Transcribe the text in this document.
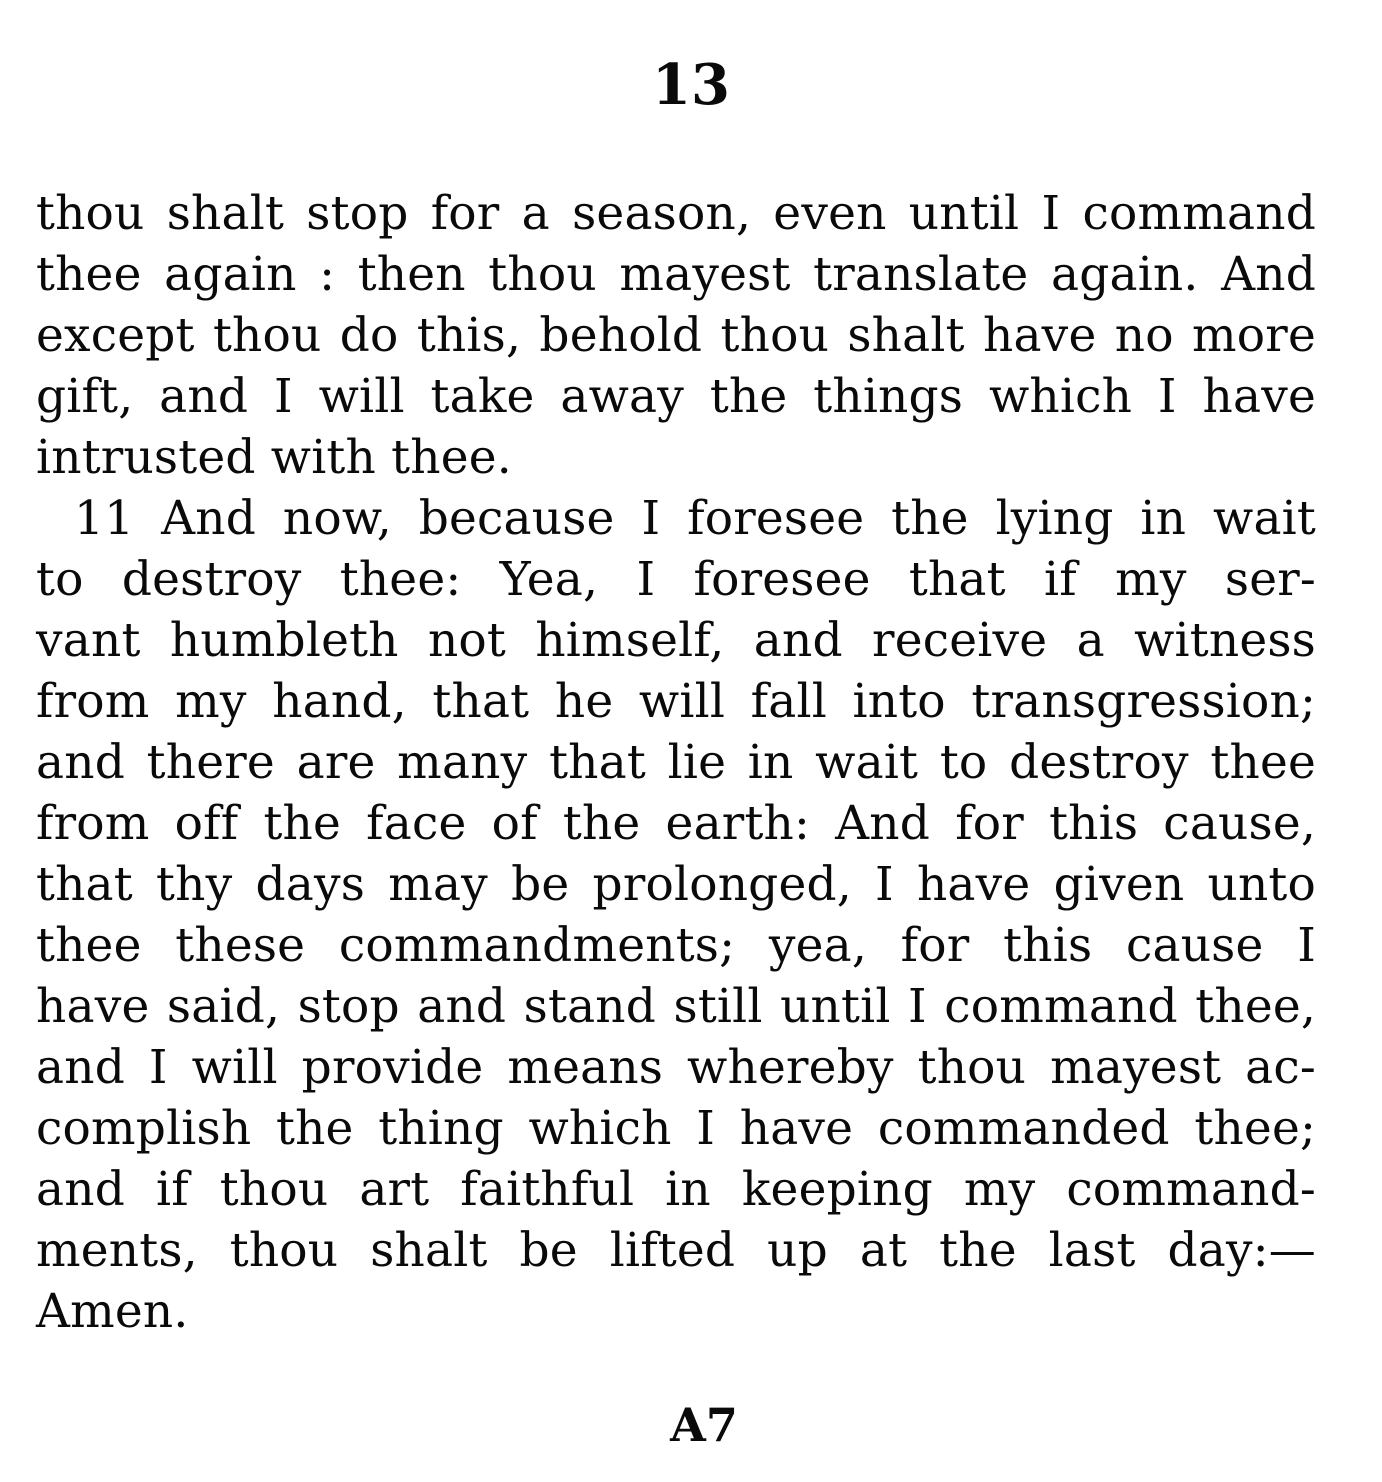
13
thou shalt stop for a season, even until I command
thee again : then thou mayest translate again. And
except thou do this, behold thou shalt have no more
gift, and I will take away the things which I have
intrusted with thee.
11 And now, because I foresee the lying in wait
to destroy thee: Yea, I foresee that if my ser-
vant humbleth not himself, and receive a witness
from my hand, that he will fall into transgression;
and there are many that lie in wait to destroy thee
from off the face of the earth: And for this cause,
that thy days may be prolonged, I have given unto
thee these commandments; yea, for this cause I
have said, stop and stand still until I command thee,
and I will provide means whereby thou mayest ac-
complish the thing which I have commanded thee;
and if thou art faithful in keeping my command-
ments, thou shalt be lifted up at the last day:—
Amen.
A7
